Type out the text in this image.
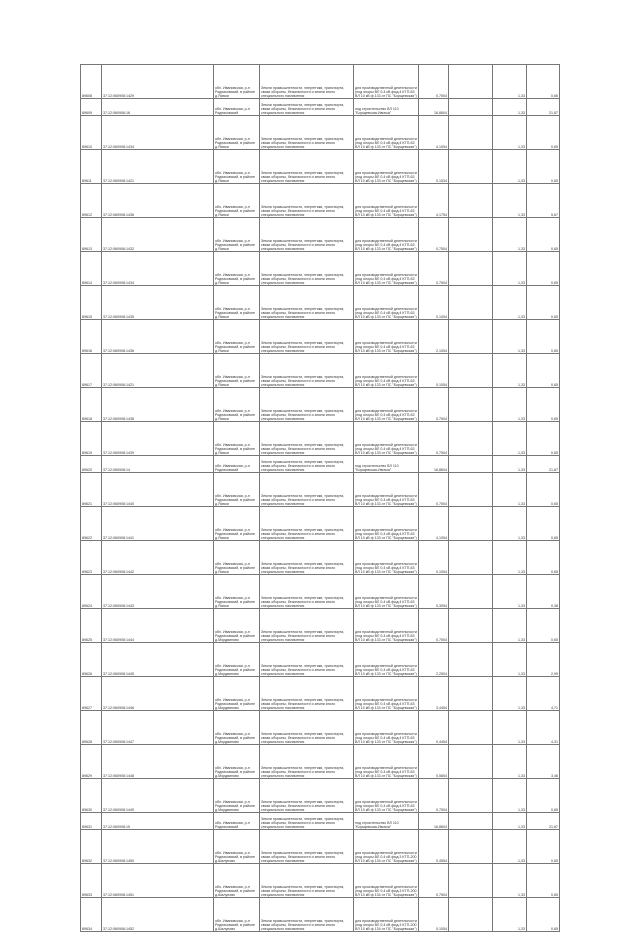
89608	37:12:060908:1429	обл. Ивановская, р-н Родниковский, в районе д.Ясюки	Земли промышленности, энергетики, транспорта, связи обороны, безопасности и земли иного специального назначения	для производственной деятельности (под опоры ВЛ 0,4 кВ фид.4 КТП-63 ВЛ 10 кВ ф 133 от ПС "Борщевская")	0,7504		1,33	0,66
89609	37:12:060908:16	обл. Ивановская, р-н Родниковский	Земли промышленности, энергетики, транспорта, связи обороны, безопасности и земли иного специального назначения	под строительство ВЛ 110 "Борщевская-Ивочка"	16,8604		1,33	21,87
89610	37:12:060908:1434	обл. Ивановская, р-н Родниковский, в районе д.Ясюки	Земли промышленности, энергетики, транспорта, связи обороны, безопасности и земли иного специального назначения	для производственной деятельности (под опоры ВЛ 0,4 кВ фид.4 КТП-63 ВЛ 10 кВ ф 133 от ПС "Борщевская")	4,1054		1,33	0,65
89611	37:12:060908:1421	обл. Ивановская, р-н Родниковский, в районе д.Ясюки	Земли промышленности, энергетики, транспорта, связи обороны, безопасности и земли иного специального назначения	для производственной деятельности (под опоры ВЛ 0,4 кВ фид.4 КТП-63 ВЛ 10 кВ ф 133 от ПС "Борщевская")	0,1534		1,33	0,65
89612	37:12:060908:1438	обл. Ивановская, р-н Родниковский, в районе д.Ясюки	Земли промышленности, энергетики, транспорта, связи обороны, безопасности и земли иного специального назначения	для производственной деятельности (под опоры ВЛ 0,4 кВ фид.4 КТП-63 ВЛ 10 кВ ф 133 от ПС "Борщевская")	4,1754		1,33	5,67
89613	37:12:060908:1432	обл. Ивановская, р-н Родниковский, в районе д.Ясюки	Земли промышленности, энергетики, транспорта, связи обороны, безопасности и земли иного специального назначения	для производственной деятельности (под опоры ВЛ 0,4 кВ фид.4 КТП-63 ВЛ 10 кВ ф 133 от ПС "Борщевская")	0,7504		1,33	0,65
89614	37:12:060908:1434	обл. Ивановская, р-н Родниковский, в районе д.Ясюки	Земли промышленности, энергетики, транспорта, связи обороны, безопасности и земли иного специального назначения	для производственной деятельности (под опоры ВЛ 0,4 кВ фид.4 КТП-63 ВЛ 10 кВ ф 133 от ПС "Борщевская")	0,7504		1,33	0,65
89615	37:12:060908:1435	обл. Ивановская, р-н Родниковский, в районе д.Ясюки	Земли промышленности, энергетики, транспорта, связи обороны, безопасности и земли иного специального назначения	для производственной деятельности (под опоры ВЛ 0,4 кВ фид.4 КТП-63 ВЛ 10 кВ ф 133 от ПС "Борщевская")	0,1054		1,33	0,65
89616	37:12:060908:1436	обл. Ивановская, р-н Родниковский, в районе д.Ясюки	Земли промышленности, энергетики, транспорта, связи обороны, безопасности и земли иного специального назначения	для производственной деятельности (под опоры ВЛ 0,4 кВ фид.4 КТП-63 ВЛ 10 кВ ф 133 от ПС "Борщевская")	2,1054		1,33	0,65
89617	37:12:060908:1421	обл. Ивановская, р-н Родниковский, в районе д.Ясюки	Земли промышленности, энергетики, транспорта, связи обороны, безопасности и земли иного специального назначения	для производственной деятельности (под опоры ВЛ 0,4 кВ фид.4 КТП-63 ВЛ 10 кВ ф 133 от ПС "Борщевская")	0,1054		1,33	0,65
89618	37:12:060908:1438	обл. Ивановская, р-н Родниковский, в районе д.Ясюки	Земли промышленности, энергетики, транспорта, связи обороны, безопасности и земли иного специального назначения	для производственной деятельности (под опоры ВЛ 0,4 кВ фид.4 КТП-63 ВЛ 10 кВ ф 133 от ПС "Борщевская")	0,7504		1,33	0,65
89619	37:12:060908:1439	обл. Ивановская, р-н Родниковский, в районе д.Ясюки	Земли промышленности, энергетики, транспорта, связи обороны, безопасности и земли иного специального назначения	для производственной деятельности (под опоры ВЛ 0,4 кВ фид.4 КТП-63 ВЛ 10 кВ ф 133 от ПС "Борщевская")	0,7504		1,33	0,65
89620	37:12:060908:14	обл. Ивановская, р-н Родниковский	Земли промышленности, энергетики, транспорта, связи обороны, безопасности и земли иного специального назначения	под строительство ВЛ 110 "Борщевская-Ивочка"	16,8604		1,33	21,87
89621	37:12:060908:1440	обл. Ивановская, р-н Родниковский, в районе д.Ясюки	Земли промышленности, энергетики, транспорта, связи обороны, безопасности и земли иного специального назначения	для производственной деятельности (под опоры ВЛ 0,4 кВ фид.4 КТП-63 ВЛ 10 кВ ф 133 от ПС "Борщевская")	0,7504		1,33	0,65
89622	37:12:060908:1441	обл. Ивановская, р-н Родниковский, в районе д.Ясюки	Земли промышленности, энергетики, транспорта, связи обороны, безопасности и земли иного специального назначения	для производственной деятельности (под опоры ВЛ 0,4 кВ фид.4 КТП-63 ВЛ 10 кВ ф 133 от ПС "Борщевская")	4,1054		1,33	0,65
89623	37:12:060908:1442	обл. Ивановская, р-н Родниковский, в районе д.Ясюки	Земли промышленности, энергетики, транспорта, связи обороны, безопасности и земли иного специального назначения	для производственной деятельности (под опоры ВЛ 0,4 кВ фид.4 КТП-63 ВЛ 10 кВ ф 133 от ПС "Борщевская")	0,1054		1,33	0,65
89624	37:12:060908:1443	обл. Ивановская, р-н Родниковский, в районе д.Ясюки	Земли промышленности, энергетики, транспорта, связи обороны, безопасности и земли иного специального назначения	для производственной деятельности (под опоры ВЛ 0,4 кВ фид.4 КТП-63 ВЛ 10 кВ ф 133 от ПС "Борщевская")	0,3054		1,33	0,38
89625	37:12:060908:1444	обл. Ивановская, р-н Родниковский, в районе д.Мордвиново	Земли промышленности, энергетики, транспорта, связи обороны, безопасности и земли иного специального назначения	для производственной деятельности (под опоры ВЛ 0,4 кВ фид.4 КТП-63 ВЛ 10 кВ ф 133 от ПС "Борщевская")	0,7504		1,33	0,65
89626	37:12:060908:1445	обл. Ивановская, р-н Родниковский, в районе д.Мордвиново	Земли промышленности, энергетики, транспорта, связи обороны, безопасности и земли иного специального назначения	для производственной деятельности (под опоры ВЛ 0,4 кВ фид.4 КТП-63 ВЛ 10 кВ ф 133 от ПС "Борщевская")	2,2504		1,33	2,99
89627	37:12:060908:1446	обл. Ивановская, р-н Родниковский, в районе д.Мордвиново	Земли промышленности, энергетики, транспорта, связи обороны, безопасности и земли иного специального назначения	для производственной деятельности (под опоры ВЛ 0,4 кВ фид.4 КТП-63 ВЛ 10 кВ ф 133 от ПС "Борщевская")	3,4454		1,33	4,71
89628	37:12:060908:1447	обл. Ивановская, р-н Родниковский, в районе д.Мордвиново	Земли промышленности, энергетики, транспорта, связи обороны, безопасности и земли иного специального назначения	для производственной деятельности (под опоры ВЛ 0,4 кВ фид.4 КТП-63 ВЛ 10 кВ ф 133 от ПС "Борщевская")	0,4454		1,33	4,31
89629	37:12:060908:1448	обл. Ивановская, р-н Родниковский, в районе д.Мордвиново	Земли промышленности, энергетики, транспорта, связи обороны, безопасности и земли иного специального назначения	для производственной деятельности (под опоры ВЛ 0,4 кВ фид.4 КТП-63 ВЛ 10 кВ ф 133 от ПС "Борщевская")	0,5854		1,33	3,46
89630	37:12:060908:1449	обл. Ивановская, р-н Родниковский, в районе д.Мордвиново	Земли промышленности, энергетики, транспорта, связи обороны, безопасности и земли иного специального назначения	для производственной деятельности (под опоры ВЛ 0,4 кВ фид.4 КТП-63 ВЛ 10 кВ ф 133 от ПС "Борщевская")	0,7504		1,33	0,65
89631	37:12:060908:15	обл. Ивановская, р-н Родниковский	Земли промышленности, энергетики, транспорта, связи обороны, безопасности и земли иного специального назначения	под строительство ВЛ 110 "Борщевская-Ивочка"	16,8604		1,33	21,87
89632	37:12:060908:1450	обл. Ивановская, р-н Родниковский, в районе д.Шалуново	Земли промышленности, энергетики, транспорта, связи обороны, безопасности и земли иного специального назначения	для производственной деятельности (под опоры ВЛ 0,4 кВ фид.3 КТП-200 ВЛ 10 кВ ф 134 от ПС "Борщевская")	0,4554		1,33	0,65
89633	37:12:060908:1451	обл. Ивановская, р-н Родниковский, в районе д.Шалуново	Земли промышленности, энергетики, транспорта, связи обороны, безопасности и земли иного специального назначения	для производственной деятельности (под опоры ВЛ 0,4 кВ фид.3 КТП-200 ВЛ 10 кВ ф 134 от ПС "Борщевская")	0,7504		1,33	0,65
89634	37:12:060908:1452	обл. Ивановская, р-н Родниковский, в районе д.Шалуново	Земли промышленности, энергетики, транспорта, связи обороны, безопасности и земли иного специального назначения	для производственной деятельности (под опоры ВЛ 0,4 кВ фид.3 КТП-200 ВЛ 10 кВ ф 134 от ПС "Борщевская")	0,1054		1,33	0,65
